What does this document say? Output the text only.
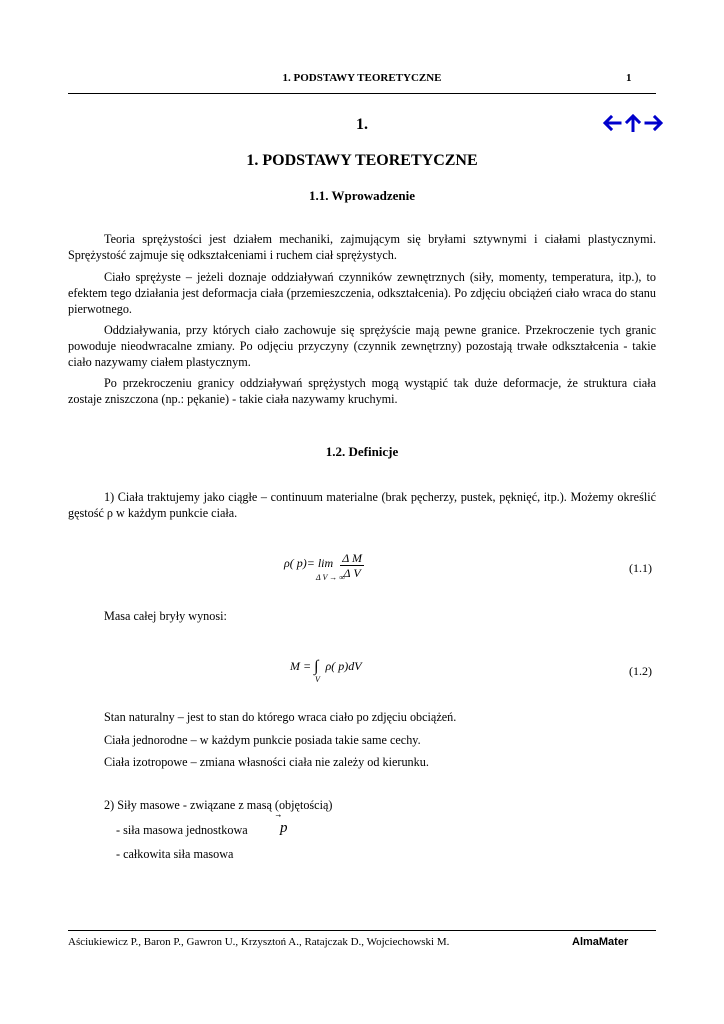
1. PODSTAWY TEORETYCZNE	1
1.
1. PODSTAWY TEORETYCZNE
1.1. Wprowadzenie
Teoria sprężystości jest działem mechaniki, zajmującym się bryłami sztywnymi i ciałami plastycznymi. Sprężystość zajmuje się odkształceniami i ruchem ciał sprężystych.
Ciało sprężyste – jeżeli doznaje oddziaływań czynników zewnętrznych (siły, momenty, temperatura, itp.), to efektem tego działania jest deformacja ciała (przemieszczenia, odkształcenia). Po zdjęciu obciążeń ciało wraca do stanu pierwotnego.
Oddziaływania, przy których ciało zachowuje się sprężyście mają pewne granice. Przekroczenie tych granic powoduje nieodwracalne zmiany. Po odjęciu przyczyny (czynnik zewnętrzny) pozostają trwałe odkształcenia - takie ciało nazywamy ciałem plastycznym.
Po przekroczeniu granicy oddziaływań sprężystych mogą wystąpić tak duże deformacje, że struktura ciała zostaje zniszczona (np.: pękanie) - takie ciała nazywamy kruchymi.
1.2. Definicje
1) Ciała traktujemy jako ciągłe – continuum materialne (brak pęcherzy, pustek, pęknięć, itp.). Możemy określić gęstość ρ w każdym punkcie ciała.
ρ( $p)= \lim \frac{\text{Δ M}}{\text{Δ V}}$
Δ V → ∞
(1.1)
Masa całej bryły wynosi:
M = ∫ ρ( p)dV
V
(1.2)
Stan naturalny – jest to stan do którego wraca ciało po zdjęciu obciążeń.
Ciała jednorodne – w każdym punkcie posiada takie same cechy.
Ciała izotropowe – zmiana własności ciała nie zależy od kierunku.
2) Siły masowe - związane z masą (objętością)
- siła masowa jednostkowa p
- całkowita siła masowa
Aściukiewicz P., Baron P., Gawron U., Krzysztoń A., Ratajczak D., Wojciechowski M.	AlmaMater
